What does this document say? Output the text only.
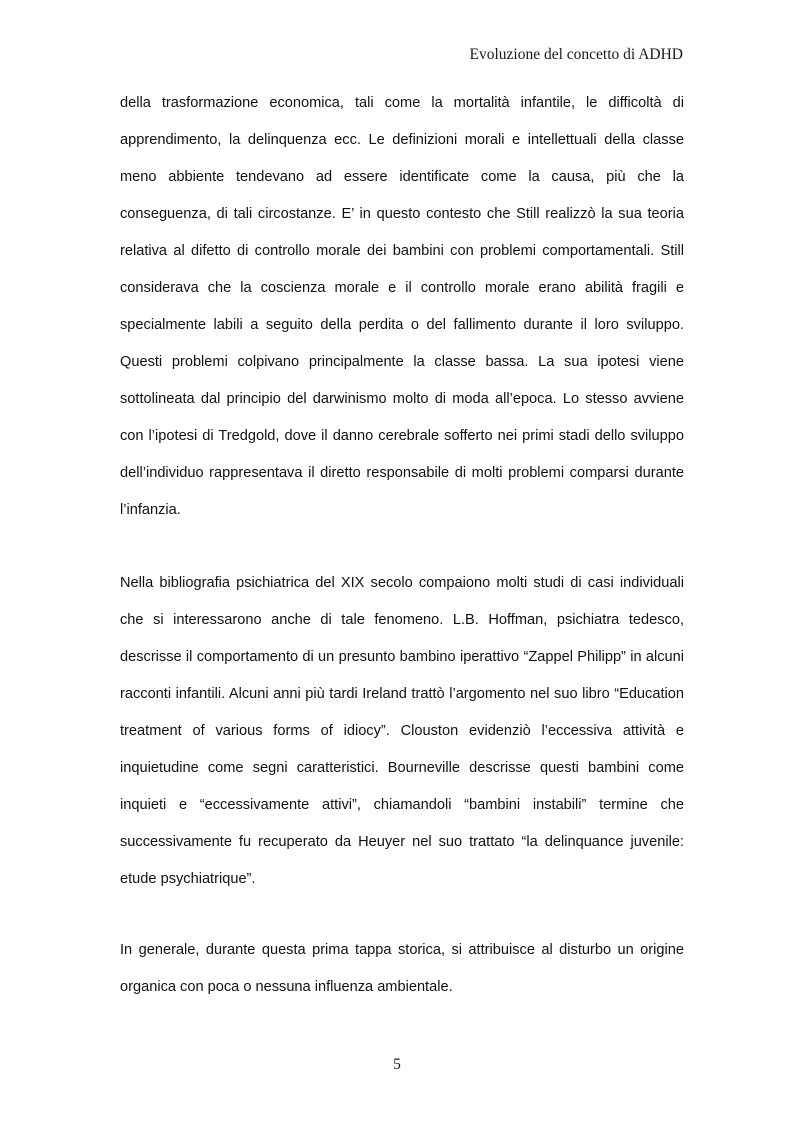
Evoluzione del concetto di ADHD

della trasformazione economica, tali come la mortalità infantile, le difficoltà di apprendimento, la delinquenza ecc. Le definizioni morali e intellettuali della classe meno abbiente tendevano ad essere identificate come la causa, più che la conseguenza, di tali circostanze. E’ in questo contesto che Still realizzò la sua teoria relativa al difetto di controllo morale dei bambini con problemi comportamentali. Still considerava che la coscienza morale e il controllo morale erano abilità fragili e specialmente labili a seguito della perdita o del fallimento durante il loro sviluppo. Questi problemi colpivano principalmente la classe bassa. La sua ipotesi viene sottolineata dal principio del darwinismo molto di moda all’epoca. Lo stesso avviene con l’ipotesi di Tredgold, dove il danno cerebrale sofferto nei primi stadi dello sviluppo dell’individuo rappresentava il diretto responsabile di molti problemi comparsi durante l’infanzia.

Nella bibliografia psichiatrica del XIX secolo compaiono molti studi di casi individuali che si interessarono anche di tale fenomeno. L.B. Hoffman, psichiatra tedesco, descrisse il comportamento di un presunto bambino iperattivo “Zappel Philipp” in alcuni racconti infantili. Alcuni anni più tardi Ireland trattò l’argomento nel suo libro “Education treatment of various forms of idiocy”. Clouston evidenziò l’eccessiva attività e inquietudine come segni caratteristici. Bourneville descrisse questi bambini come inquieti e “eccessivamente attivi”, chiamandoli “bambini instabili” termine che successivamente fu recuperato da Heuyer nel suo trattato “la delinquance juvenile: etude psychiatrique”.

In generale, durante questa prima tappa storica, si attribuisce al disturbo un origine organica con poca o nessuna influenza ambientale.

5
